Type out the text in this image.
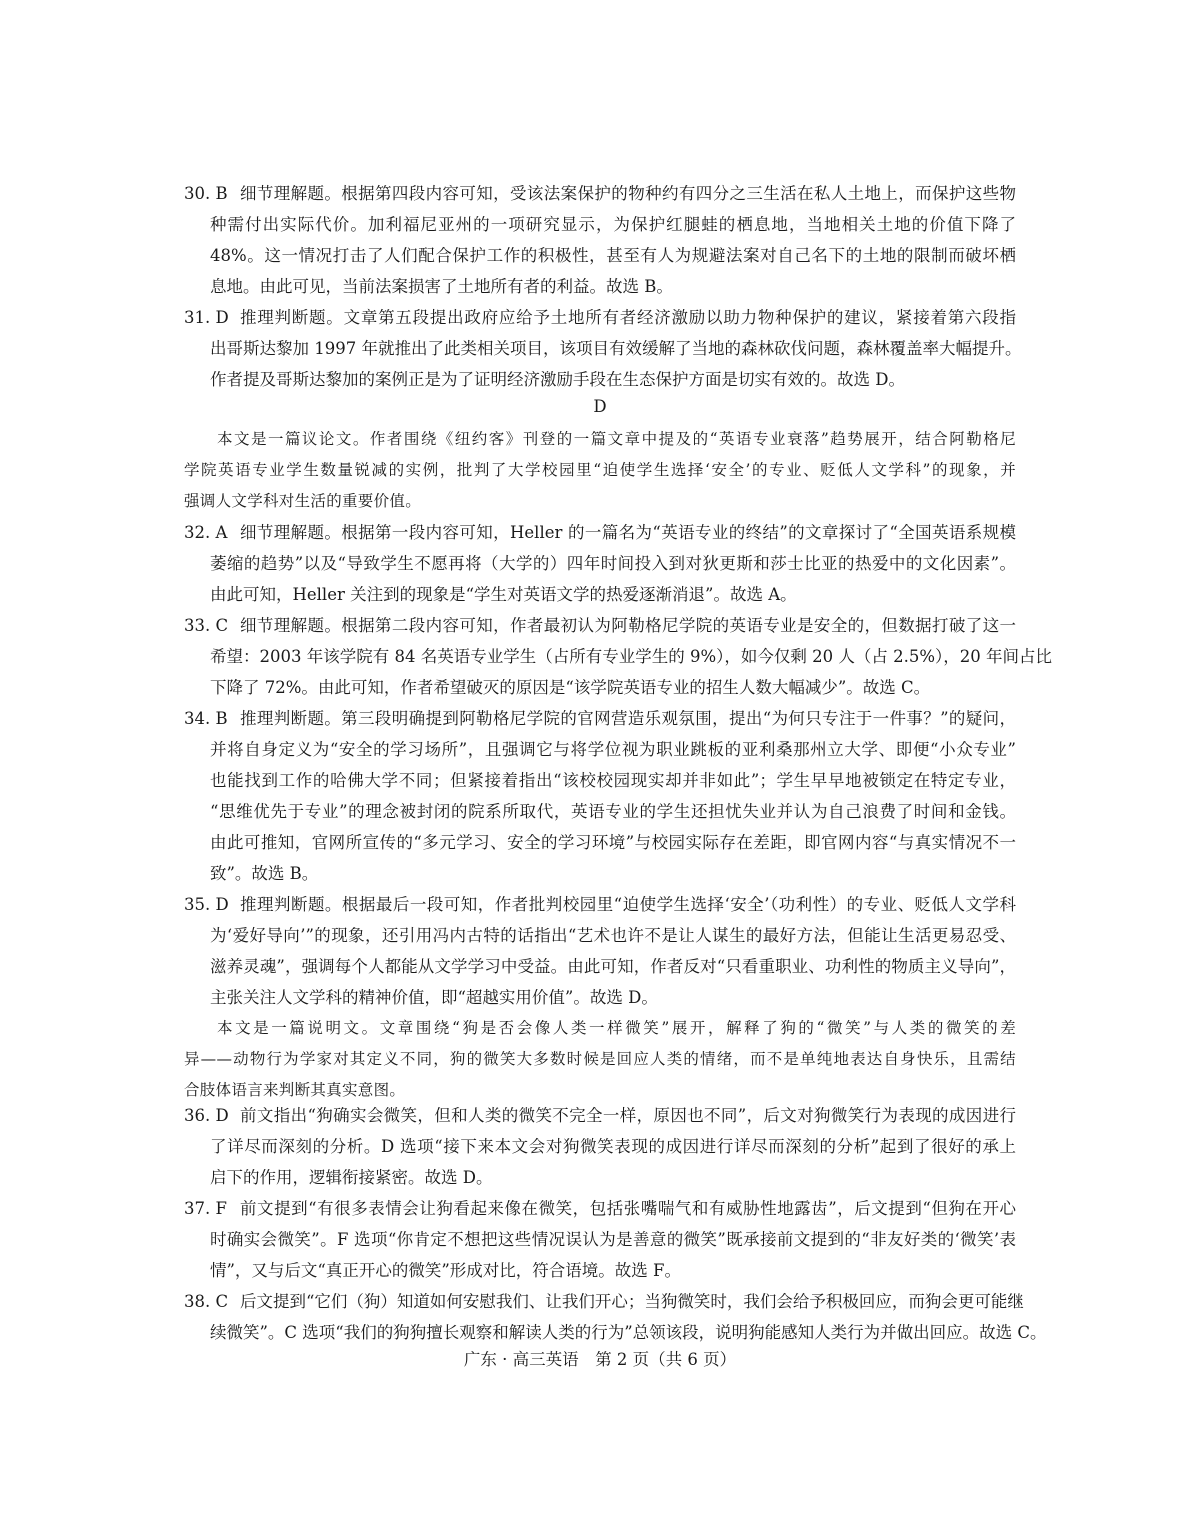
30. B 细节理解题。根据第四段内容可知，受该法案保护的物种约有四分之三生活在私人土地上，而保护这些物
种需付出实际代价。加利福尼亚州的一项研究显示，为保护红腿蛙的栖息地，当地相关土地的价值下降了
48%。这一情况打击了人们配合保护工作的积极性，甚至有人为规避法案对自己名下的土地的限制而破坏栖
息地。由此可见，当前法案损害了土地所有者的利益。故选 B。
31. D 推理判断题。文章第五段提出政府应给予土地所有者经济激励以助力物种保护的建议，紧接着第六段指
出哥斯达黎加 1997 年就推出了此类相关项目，该项目有效缓解了当地的森林砍伐问题，森林覆盖率大幅提升。
作者提及哥斯达黎加的案例正是为了证明经济激励手段在生态保护方面是切实有效的。故选 D。
D
本文是一篇议论文。作者围绕《纽约客》刊登的一篇文章中提及的“英语专业衰落”趋势展开，结合阿勒格尼
学院英语专业学生数量锐减的实例，批判了大学校园里“迫使学生选择‘安全’的专业、贬低人文学科”的现象，并
强调人文学科对生活的重要价值。
32. A 细节理解题。根据第一段内容可知，Heller 的一篇名为“英语专业的终结”的文章探讨了“全国英语系规模
萎缩的趋势”以及“导致学生不愿再将（大学的）四年时间投入到对狄更斯和莎士比亚的热爱中的文化因素”。
由此可知，Heller 关注到的现象是“学生对英语文学的热爱逐渐消退”。故选 A。
33. C 细节理解题。根据第二段内容可知，作者最初认为阿勒格尼学院的英语专业是安全的，但数据打破了这一
希望：2003 年该学院有 84 名英语专业学生（占所有专业学生的 9%），如今仅剩 20 人（占 2.5%），20 年间占比
下降了 72%。由此可知，作者希望破灭的原因是“该学院英语专业的招生人数大幅减少”。故选 C。
34. B 推理判断题。第三段明确提到阿勒格尼学院的官网营造乐观氛围，提出“为何只专注于一件事？”的疑问，
并将自身定义为“安全的学习场所”，且强调它与将学位视为职业跳板的亚利桑那州立大学、即便“小众专业”
也能找到工作的哈佛大学不同；但紧接着指出“该校校园现实却并非如此”；学生早早地被锁定在特定专业，
“思维优先于专业”的理念被封闭的院系所取代，英语专业的学生还担忧失业并认为自己浪费了时间和金钱。
由此可推知，官网所宣传的“多元学习、安全的学习环境”与校园实际存在差距，即官网内容“与真实情况不一
致”。故选 B。
35. D 推理判断题。根据最后一段可知，作者批判校园里“迫使学生选择‘安全’（功利性）的专业、贬低人文学科
为‘爱好导向’”的现象，还引用冯内古特的话指出“艺术也许不是让人谋生的最好方法，但能让生活更易忍受、
滋养灵魂”，强调每个人都能从文学学习中受益。由此可知，作者反对“只看重职业、功利性的物质主义导向”，
主张关注人文学科的精神价值，即“超越实用价值”。故选 D。
本文是一篇说明文。文章围绕“狗是否会像人类一样微笑”展开，解释了狗的“微笑”与人类的微笑的差
异——动物行为学家对其定义不同，狗的微笑大多数时候是回应人类的情绪，而不是单纯地表达自身快乐，且需结
合肢体语言来判断其真实意图。
36. D 前文指出“狗确实会微笑，但和人类的微笑不完全一样，原因也不同”，后文对狗微笑行为表现的成因进行
了详尽而深刻的分析。D 选项“接下来本文会对狗微笑表现的成因进行详尽而深刻的分析”起到了很好的承上
启下的作用，逻辑衔接紧密。故选 D。
37. F 前文提到“有很多表情会让狗看起来像在微笑，包括张嘴喘气和有威胁性地露齿”，后文提到“但狗在开心
时确实会微笑”。F 选项“你肯定不想把这些情况误认为是善意的微笑”既承接前文提到的“非友好类的‘微笑’表
情”，又与后文“真正开心的微笑”形成对比，符合语境。故选 F。
38. C 后文提到“它们（狗）知道如何安慰我们、让我们开心；当狗微笑时，我们会给予积极回应，而狗会更可能继
续微笑”。C 选项“我们的狗狗擅长观察和解读人类的行为”总领该段，说明狗能感知人类行为并做出回应。故选 C。
广东 · 高三英语　第 2 页（共 6 页）
